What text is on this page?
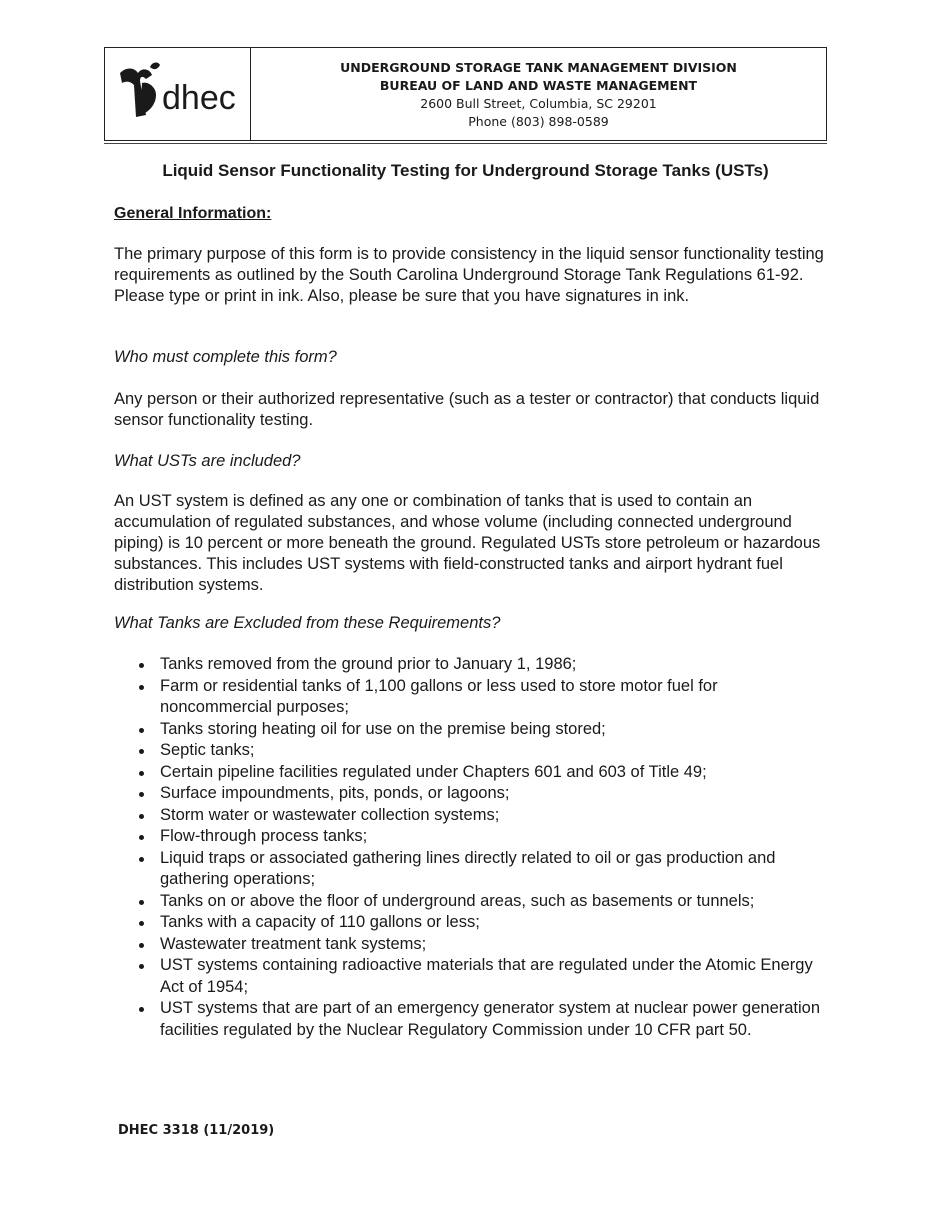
dhec
UNDERGROUND STORAGE TANK MANAGEMENT DIVISION
BUREAU OF LAND AND WASTE MANAGEMENT
2600 Bull Street, Columbia, SC 29201
Phone (803) 898-0589
Liquid Sensor Functionality Testing for Underground Storage Tanks (USTs)
General Information:
The primary purpose of this form is to provide consistency in the liquid sensor functionality testing requirements as outlined by the South Carolina Underground Storage Tank Regulations 61-92. Please type or print in ink. Also, please be sure that you have signatures in ink.
Who must complete this form?
Any person or their authorized representative (such as a tester or contractor) that conducts liquid sensor functionality testing.
What USTs are included?
An UST system is defined as any one or combination of tanks that is used to contain an accumulation of regulated substances, and whose volume (including connected underground piping) is 10 percent or more beneath the ground. Regulated USTs store petroleum or hazardous substances. This includes UST systems with field-constructed tanks and airport hydrant fuel distribution systems.
What Tanks are Excluded from these Requirements?
Tanks removed from the ground prior to January 1, 1986;
Farm or residential tanks of 1,100 gallons or less used to store motor fuel for noncommercial purposes;
Tanks storing heating oil for use on the premise being stored;
Septic tanks;
Certain pipeline facilities regulated under Chapters 601 and 603 of Title 49;
Surface impoundments, pits, ponds, or lagoons;
Storm water or wastewater collection systems;
Flow-through process tanks;
Liquid traps or associated gathering lines directly related to oil or gas production and gathering operations;
Tanks on or above the floor of underground areas, such as basements or tunnels;
Tanks with a capacity of 110 gallons or less;
Wastewater treatment tank systems;
UST systems containing radioactive materials that are regulated under the Atomic Energy Act of 1954;
UST systems that are part of an emergency generator system at nuclear power generation facilities regulated by the Nuclear Regulatory Commission under 10 CFR part 50.
DHEC 3318 (11/2019)
